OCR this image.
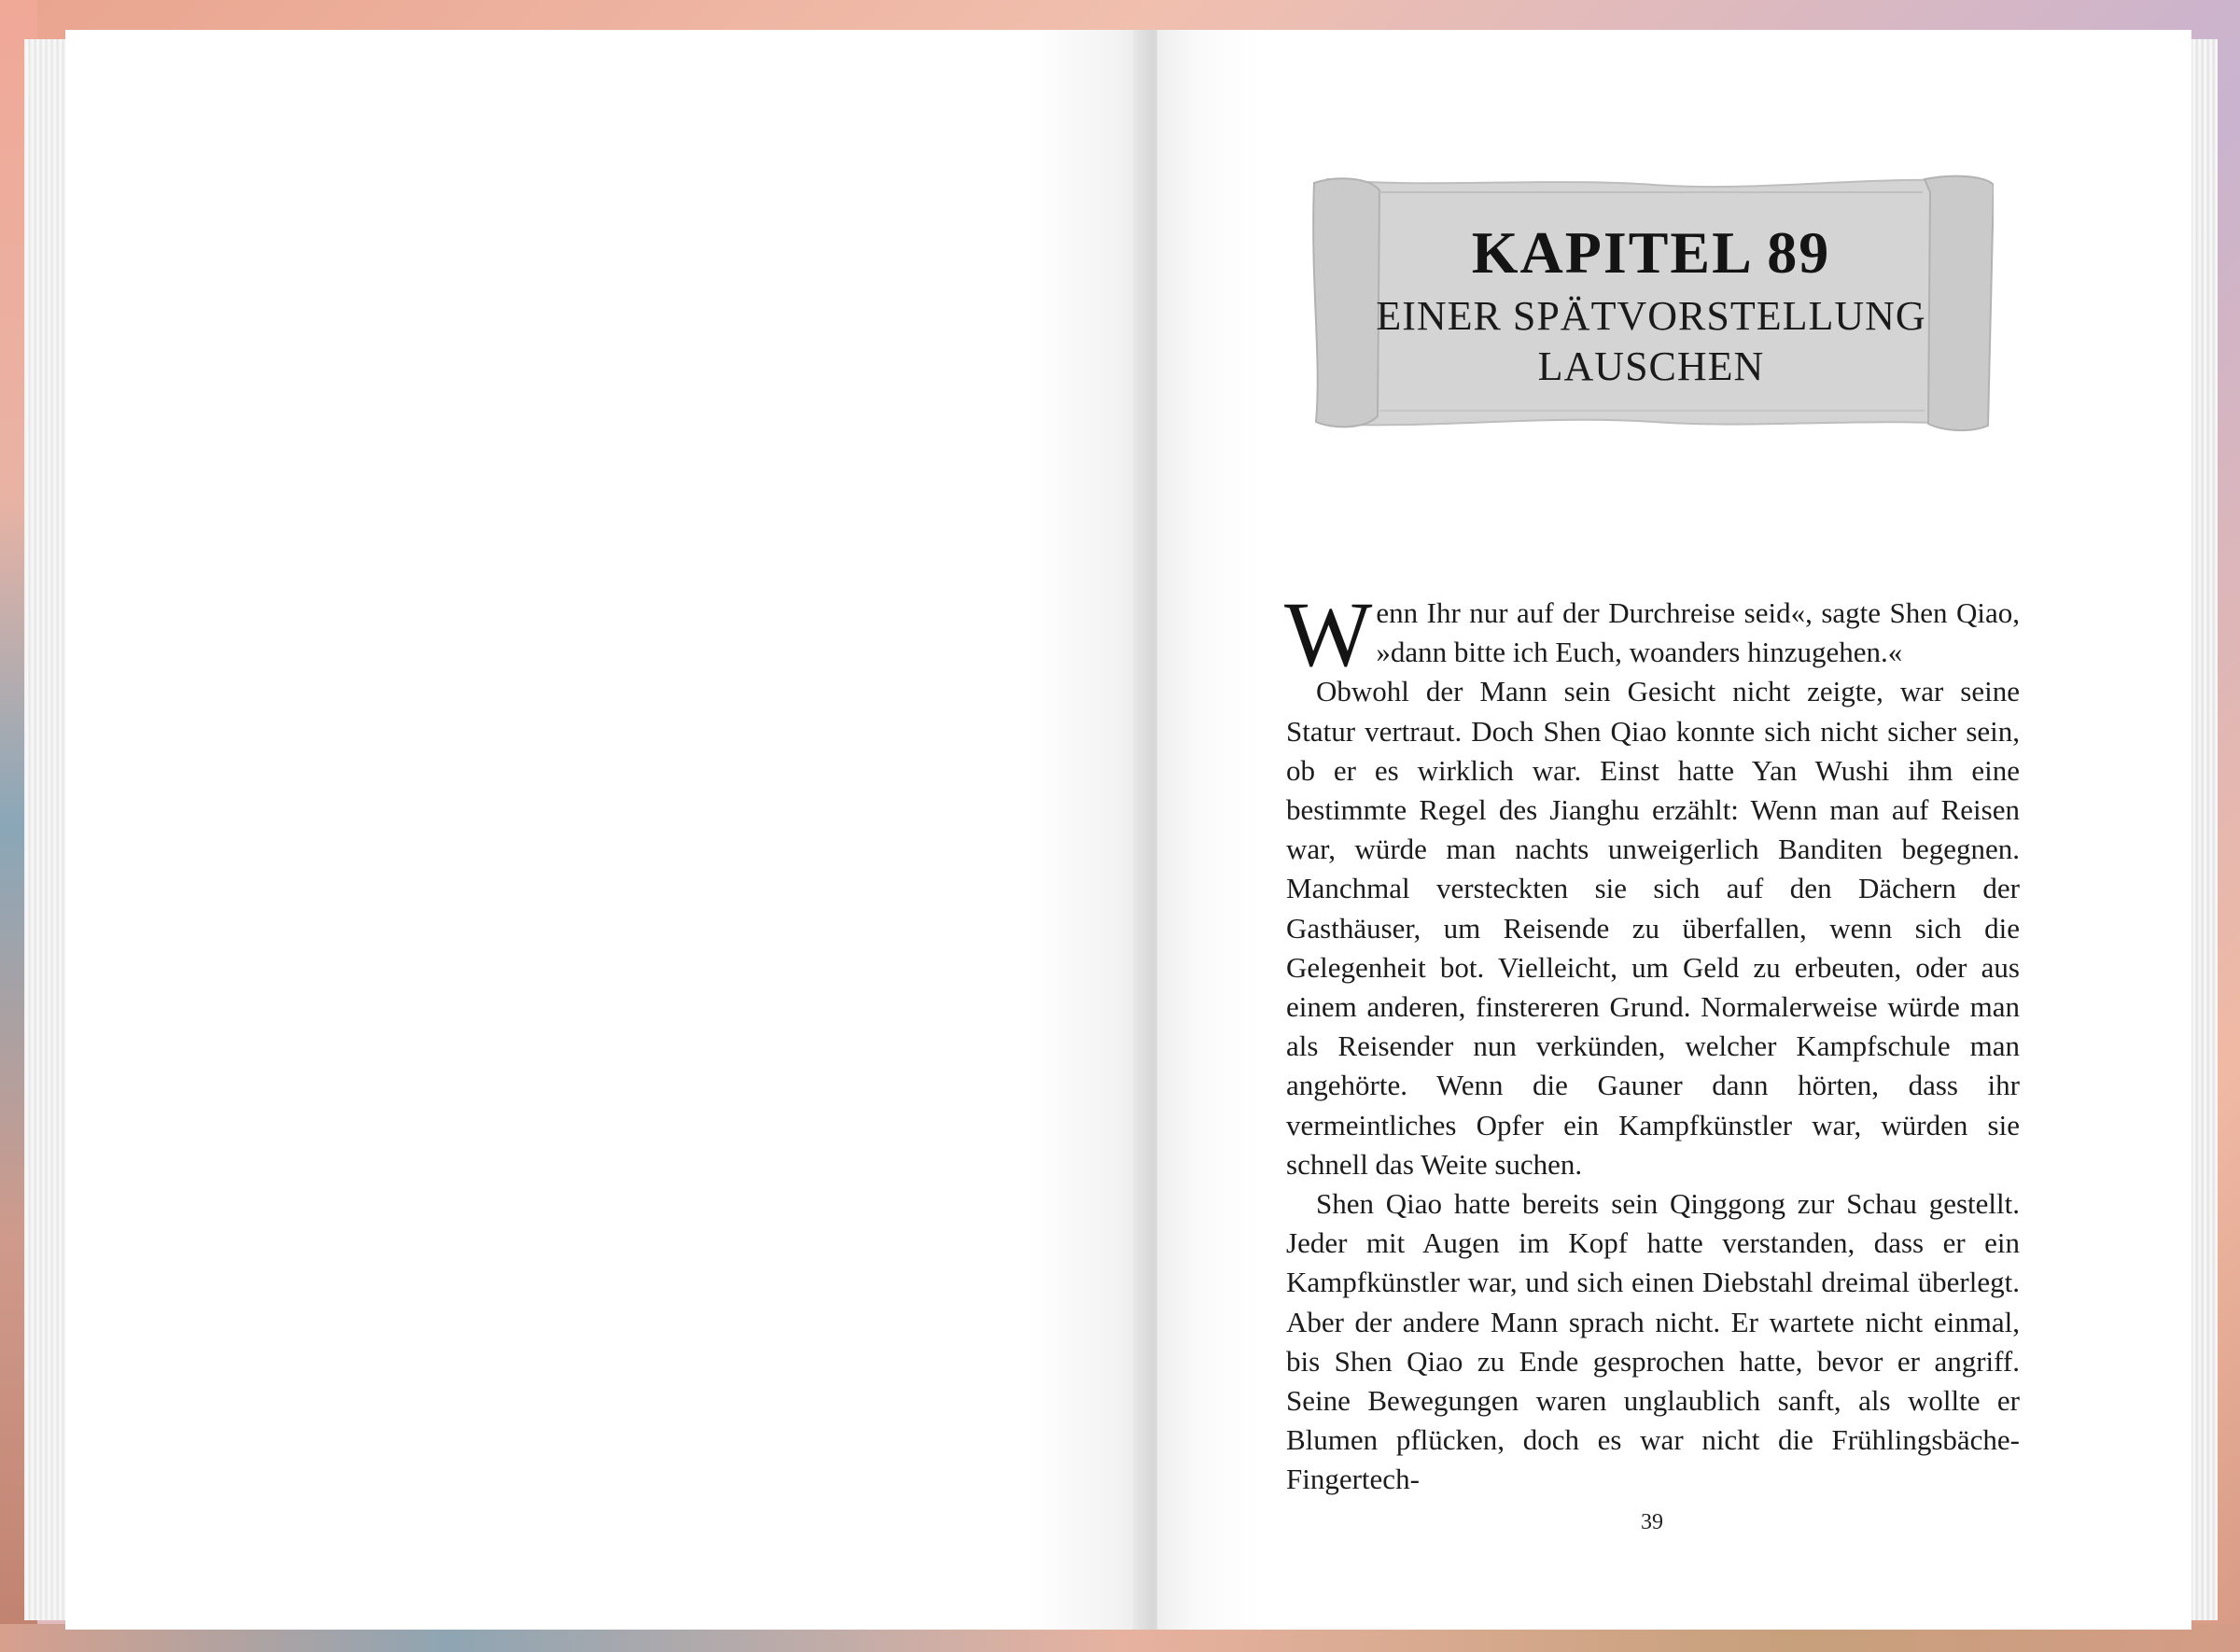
KAPITEL 89
EINER SPÄTVORSTELLUNG LAUSCHEN

Wenn Ihr nur auf der Durchreise seid«, sagte Shen Qiao, »dann bitte ich Euch, woanders hinzugehen.«

Obwohl der Mann sein Gesicht nicht zeigte, war seine Statur vertraut. Doch Shen Qiao konnte sich nicht sicher sein, ob er es wirklich war. Einst hatte Yan Wushi ihm eine bestimmte Regel des Jianghu erzählt: Wenn man auf Reisen war, würde man nachts unweigerlich Banditen begegnen. Manchmal versteckten sie sich auf den Dächern der Gasthäuser, um Reisende zu überfallen, wenn sich die Gelegenheit bot. Vielleicht, um Geld zu erbeuten, oder aus einem anderen, finstereren Grund. Normalerweise würde man als Reisender nun verkünden, welcher Kampfschule man angehörte. Wenn die Gauner dann hörten, dass ihr vermeintliches Opfer ein Kampfkünstler war, würden sie schnell das Weite suchen.

Shen Qiao hatte bereits sein Qinggong zur Schau gestellt. Jeder mit Augen im Kopf hatte verstanden, dass er ein Kampfkünstler war, und sich einen Diebstahl dreimal überlegt. Aber der andere Mann sprach nicht. Er wartete nicht einmal, bis Shen Qiao zu Ende gesprochen hatte, bevor er angriff. Seine Bewegungen waren unglaublich sanft, als wollte er Blumen pflücken, doch es war nicht die Frühlingsbäche-Fingertech-

39
